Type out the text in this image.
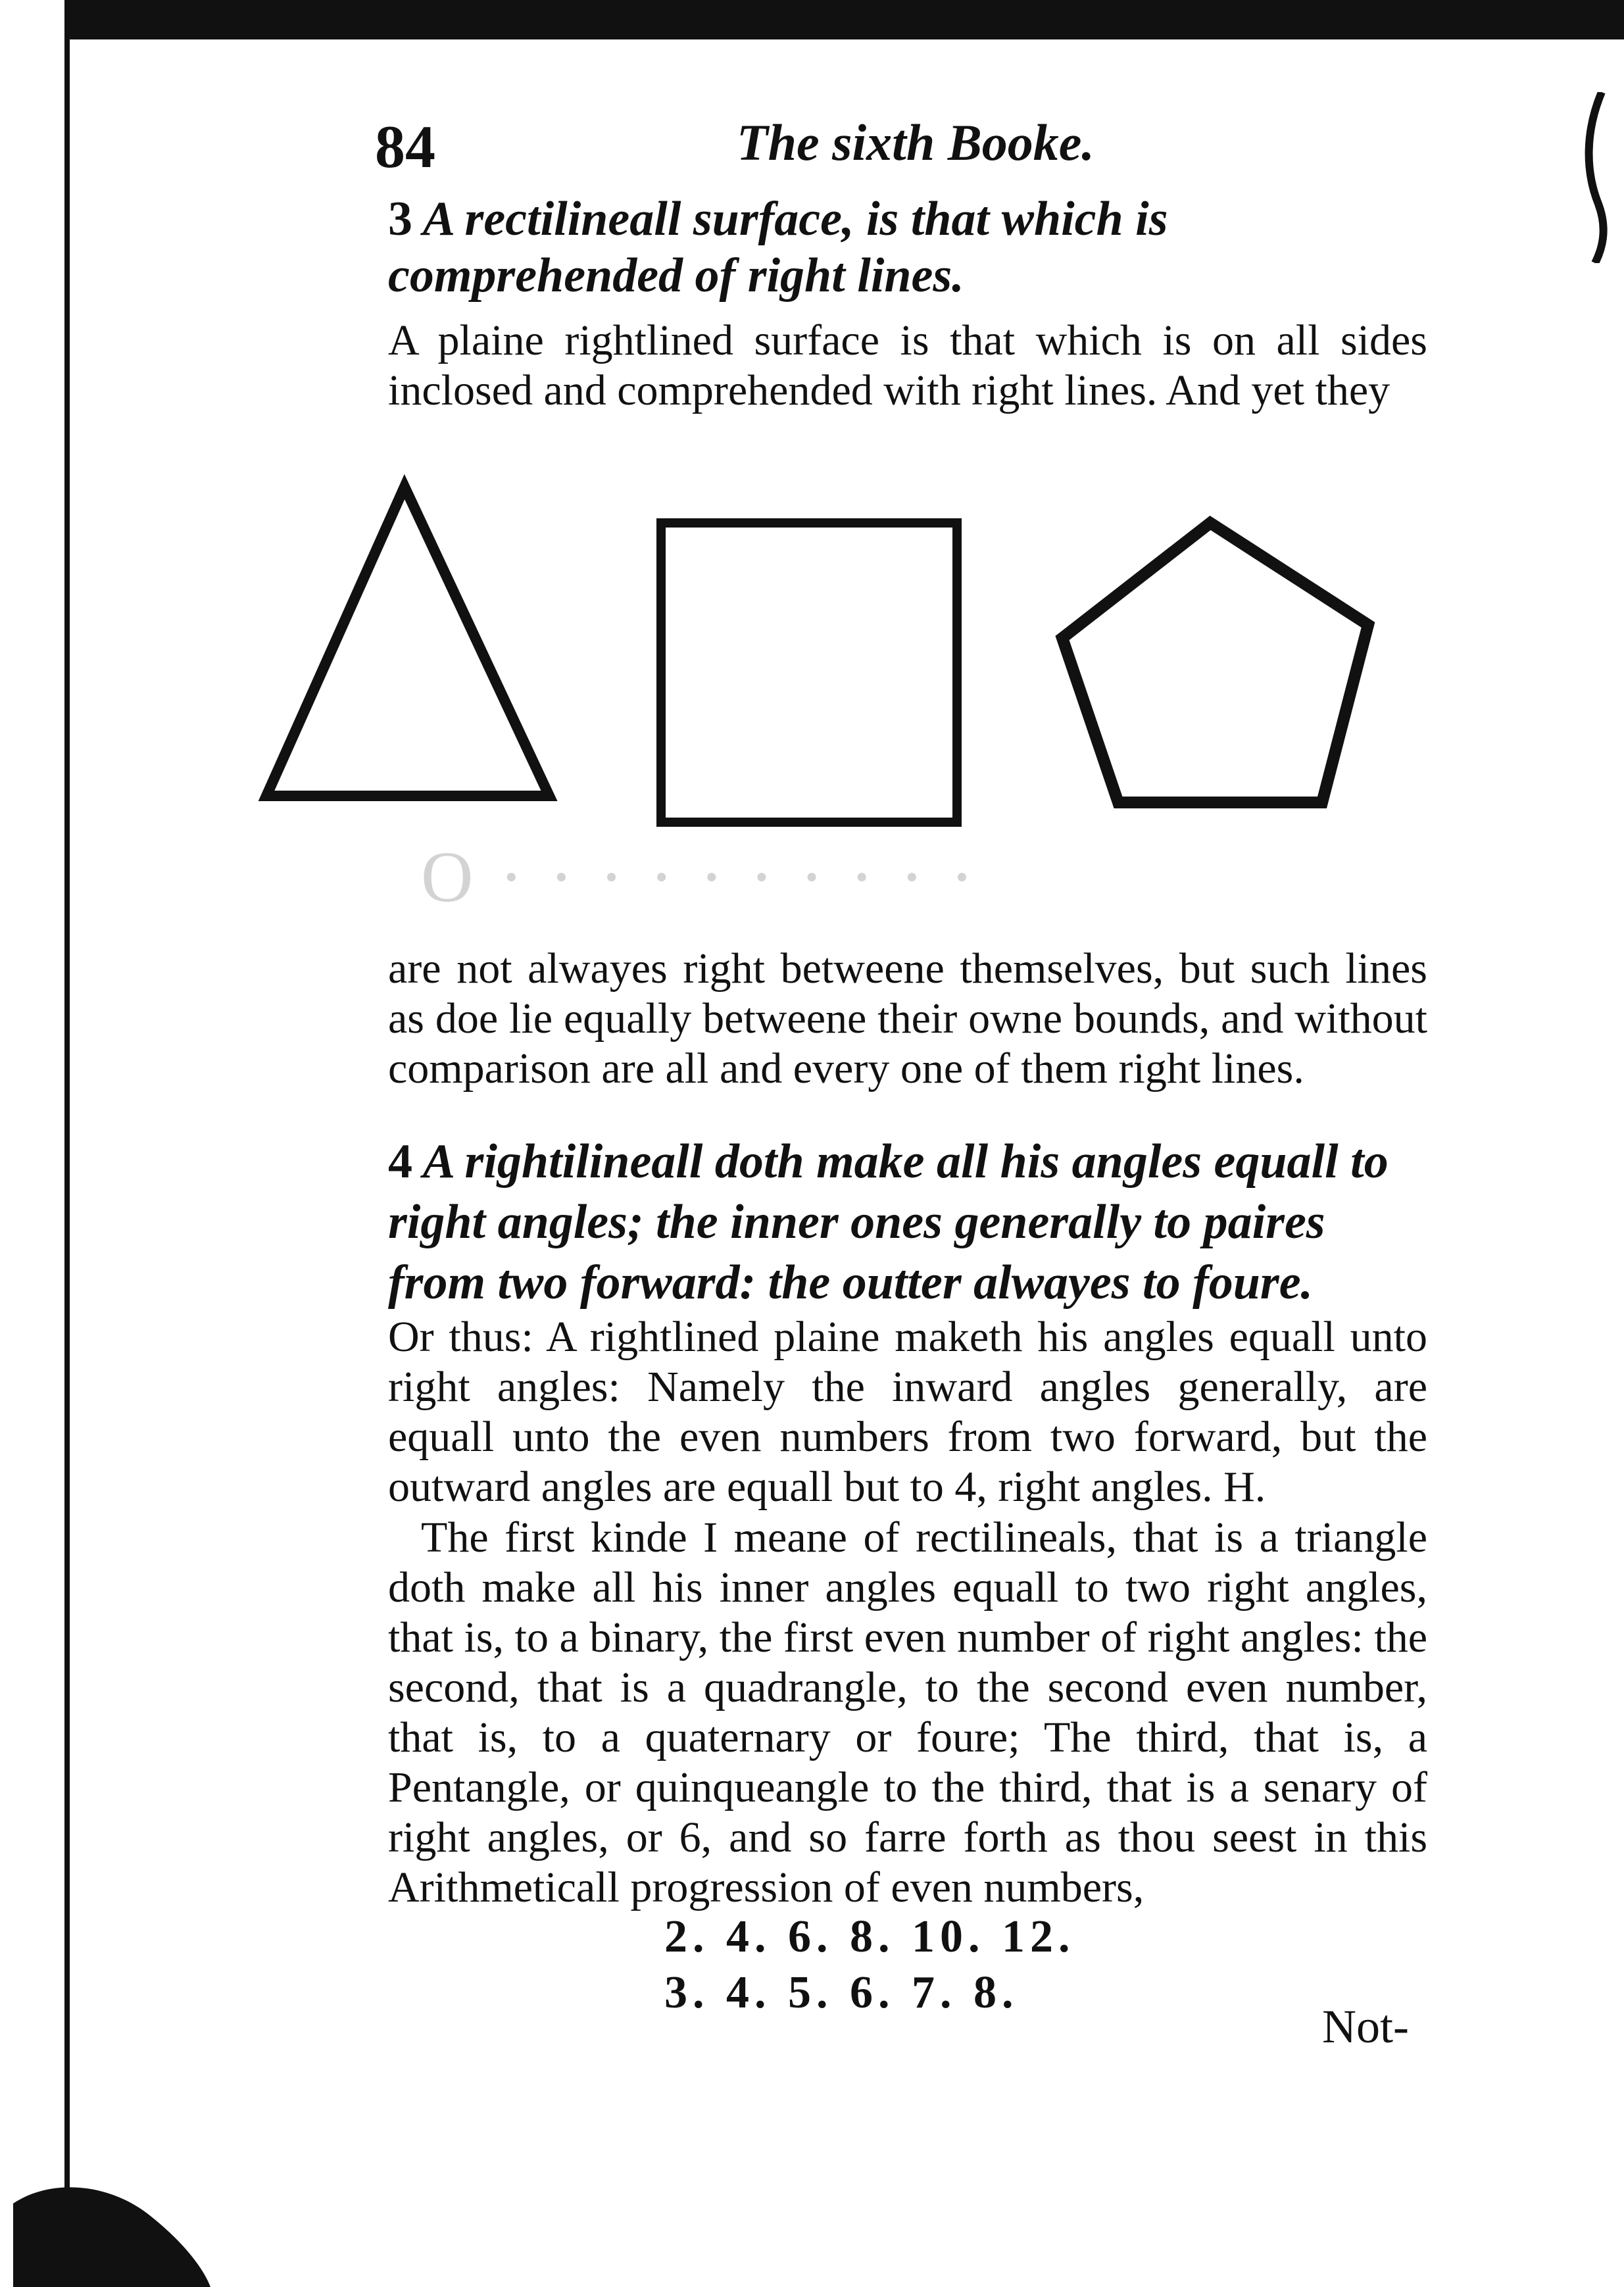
84	The sixth Booke.
O · · · · · · · · · ·

3 A rectilineall surface, is that which is comprehended of right lines.

A plaine rightlined surface is that which is on all sides inclosed and comprehended with right lines. And yet they

are not alwayes right betweene themselves, but such lines as doe lie equally betweene their owne bounds, and without comparison are all and every one of them right lines.

4 A rightilineall doth make all his angles equall to right angles; the inner ones generally to paires from two forward: the outter alwayes to foure.

Or thus: A rightlined plaine maketh his angles equall unto right angles: Namely the inward angles generally, are equall unto the even numbers from two forward, but the outward angles are equall but to 4, right angles. H.

The first kinde I meane of rectilineals, that is a triangle doth make all his inner angles equall to two right angles, that is, to a binary, the first even number of right angles: the second, that is a quadrangle, to the second even number, that is, to a quaternary or foure; The third, that is, a Pentangle, or quinqueangle to the third, that is a senary of right angles, or 6, and so farre forth as thou seest in this Arithmeticall progression of even numbers,

2. 4. 6. 8. 10. 12.
3. 4. 5. 6. 7. 8.
Not-
